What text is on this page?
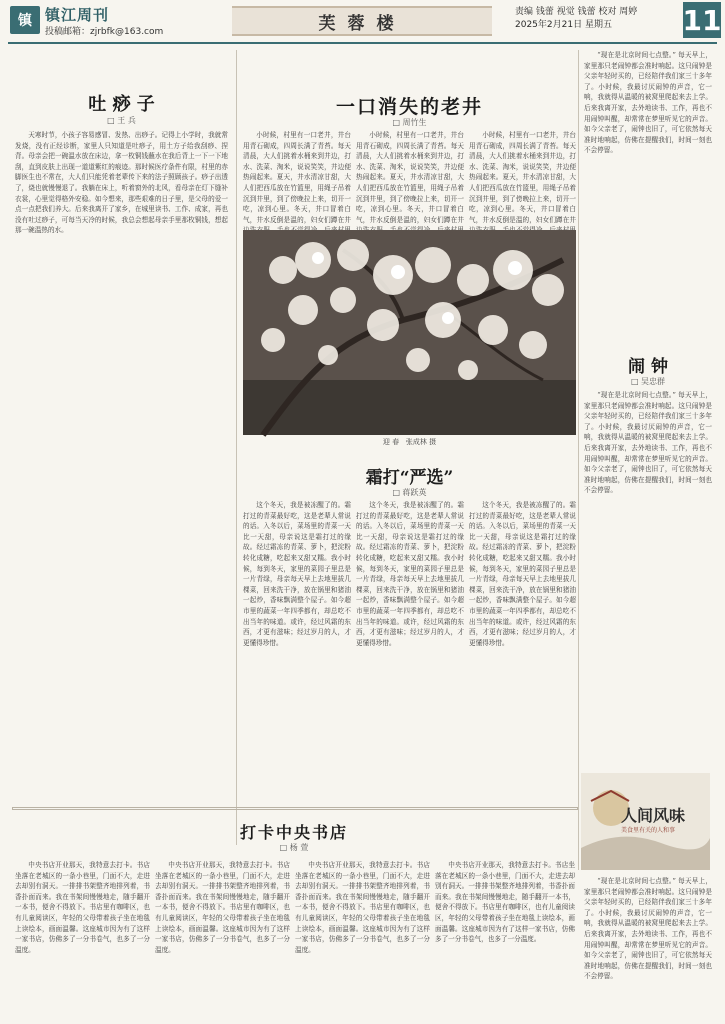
镇 镇江周刊
投稿邮箱：zjrbfk@163.com	芙蓉楼
责编 钱蕾 视觉 钱蕾 校对 周婷
2025年2月21日 星期五	11
吐 痧 子
□ 王 兵

天寒时节，小孩子容易感冒、发热、出痧子。记得上小学时，我就常发烧，没有正经诊断，家里人只知道是吐痧子，用土方子给我刮痧、捏背。母亲会把一碗温水放在床边，拿一枚铜钱蘸水在我后背上一下一下地刮，直到皮肤上出现一道道紫红的痕迹。那时候医疗条件有限，村里的赤脚医生也不常在，大人们只能凭着老辈传下来的法子照顾孩子。痧子出透了，烧也就慢慢退了。我躺在床上，听着窗外的北风，看母亲在灯下缝补衣裳，心里觉得格外安稳。如今想来，那些艰难的日子里，是父母的爱一点一点把我们养大。后来我离开了家乡，在城里读书、工作、成家，再也没有吐过痧子，可每当天冷的时候，我总会想起母亲手里那枚铜钱，想起那一碗温热的水。

一口消失的老井
□ 周竹生

小时候，村里有一口老井，井台用青石砌成，四周长满了青苔。每天清晨，大人们挑着水桶来到井边，打水、洗菜、淘米，说说笑笑，井边便热闹起来。夏天，井水清凉甘甜，大人们把西瓜放在竹篮里，用绳子吊着沉到井里，到了傍晚拉上来，切开一吃，凉到心里。冬天，井口冒着白气，井水反倒是温的，妇女们蹲在井

小时候，村里有一口老井，井台用青石砌成，四周长满了青苔。每天清晨，大人们挑着水桶来到井边，打水、洗菜、淘米，说说笑笑，井边便热闹起来。夏天，井水清凉甘甜，大人们把西瓜放在竹篮里，用绳子吊着沉到井里，到了傍晚拉上来，切开一吃，凉到心里。冬天，井口冒着白气，井水反倒是温的，妇女们蹲在井

小时候，村里有一口老井，井台用青石砌成，四周长满了青苔。每天清晨，大人们挑着水桶来到井边，打水、洗菜、淘米，说说笑笑，井边便热闹起来。夏天，井水清凉甘甜，大人们把西瓜放在竹篮里，用绳子吊着沉到井里，到了傍晚拉上来，切开一吃，凉到心里。冬天，井口冒着白气，井水反倒是温的，妇女们蹲在井

迎 春 张成林 摄
霜打“严选”
□ 蒋跃英

这个冬天，我是被冻醒了的。霜打过的青菜最好吃，这是老辈人常说的话。入冬以后，菜场里的青菜一天比一天甜，母亲说这是霜打过的缘故。经过霜冻的青菜、萝卜，把淀粉转化成糖，吃起来又甜又糯。我小时候，每到冬天，家里的菜园子里总是一片青绿，母亲每天早上去地里拔几棵菜，回来洗干净，放在锅里和猪油一起炒，香味飘满整个屋子。如今超市里的蔬菜一年四季都有，却总吃不出当年的味道。或许，经过风霜的东西，才更有滋味；经过岁月的人，才更懂得珍惜。

这个冬天，我是被冻醒了的。霜打过的青菜最好吃，这是老辈人常说的话。入冬以后，菜场里的青菜一天比一天甜，母亲说这是霜打过的缘故。经过霜冻的青菜、萝卜，把淀粉转化成糖，吃起来又甜又糯。我小时候，每到冬天，家里的菜园子里总是一片青绿，母亲每天早上去地里拔几棵菜，回来洗干净，放在锅里和猪油一起炒，香味飘满整个屋子。如今超市里的蔬菜一年四季都有，却总吃不出当年的味道。或许，经过风霜的东西，才更有滋味；经过岁月的人，才更懂得珍惜。

这个冬天，我是被冻醒了的。霜打过的青菜最好吃，这是老辈人常说的话。入冬以后，菜场里的青菜一天比一天甜，母亲说这是霜打过的缘故。经过霜冻的青菜、萝卜，把淀粉转化成糖，吃起来又甜又糯。我小时候，每到冬天，家里的菜园子里总是一片青绿，母亲每天早上去地里拔几棵菜，回来洗干净，放在锅里和猪油一起炒，香味飘满整个屋子。如今超市里的蔬菜一年四季都有，却总吃不出当年的味道。或许，经过风霜的东西，才更有滋味；经过岁月的人，才更懂得珍惜。

“现在是北京时间七点整。” 每天早上，家里那只老闹钟都会准时响起。这只闹钟是父亲年轻时买的，已经陪伴我们家三十多年了。小时候，我最讨厌闹钟的声音，它一响，我就得从温暖的被窝里爬起来去上学。后来我离开家，去外地读书、工作，再也不用闹钟叫醒，却常常在梦里听见它的声音。如今父亲老了，闹钟也旧了，可它依然每天准时地响起，仿佛在提醒我们，时间一刻也不会停留。

闹 钟
□ 吴忠群

“现在是北京时间七点整。” 每天早上，家里那只老闹钟都会准时响起。这只闹钟是父亲年轻时买的，已经陪伴我们家三十多年了。小时候，我最讨厌闹钟的声音，它一响，我就得从温暖的被窝里爬起来去上学。后来我离开家，去外地读书、工作，再也不用闹钟叫醒，却常常在梦里听见它的声音。如今父亲老了，闹钟也旧了，可它依然每天准时地响起，仿佛在提醒我们，时间一刻也不会停留。

人间风味
美食里有关的人和事
打卡中央书店
□ 杨 萱

中央书店开业那天，我特意去打卡。书店坐落在老城区的一条小巷里，门面不大，走进去却别有洞天。一排排书架整齐地排列着，书香扑面而来。我在书架间慢慢地走，随手翻开一本书，便舍不得放下。书店里有咖啡区，也有儿童阅读区，年轻的父母带着孩子坐在地毯上读绘本，画面温馨。这座城市因为有了这样一家书店，仿佛多了一分书卷气，也多了一分温度。

中央书店开业那天，我特意去打卡。书店坐落在老城区的一条小巷里，门面不大，走进去却别有洞天。一排排书架整齐地排列着，书香扑面而来。我在书架间慢慢地走，随手翻开一本书，便舍不得放下。书店里有咖啡区，也有儿童阅读区，年轻的父母带着孩子坐在地毯上读绘本，画面温馨。这座城市因为有了这样一家书店，仿佛多了一分书卷气，也多了一分温度。

中央书店开业那天，我特意去打卡。书店坐落在老城区的一条小巷里，门面不大，走进去却别有洞天。一排排书架整齐地排列着，书香扑面而来。我在书架间慢慢地走，随手翻开一本书，便舍不得放下。书店里有咖啡区，也有儿童阅读区，年轻的父母带着孩子坐在地毯上读绘本，画面温馨。这座城市因为有了这样一家书店，仿佛多了一分书卷气，也多了一分温度。

中央书店开业那天，我特意去打卡。书店坐落在老城区的一条小巷里，门面不大，走进去却别有洞天。一排排书架整齐地排列着，书香扑面而来。我在书架间慢慢地走，随手翻开一本书，便舍不得放下。书店里有咖啡区，也有儿童阅读区，年轻的父母带着孩子坐在地毯上读绘本，画面温馨。这座城市因为有了这样一家书店，仿佛多了一分书卷气，也多了一分温度。

“现在是北京时间七点整。” 每天早上，家里那只老闹钟都会准时响起。这只闹钟是父亲年轻时买的，已经陪伴我们家三十多年了。小时候，我最讨厌闹钟的声音，它一响，我就得从温暖的被窝里爬起来去上学。后来我离开家，去外地读书、工作，再也不用闹钟叫醒，却常常在梦里听见它的声音。如今父亲老了，闹钟也旧了，可它依然每天准时地响起，仿佛在提醒我们，时间一刻也不会停留。
